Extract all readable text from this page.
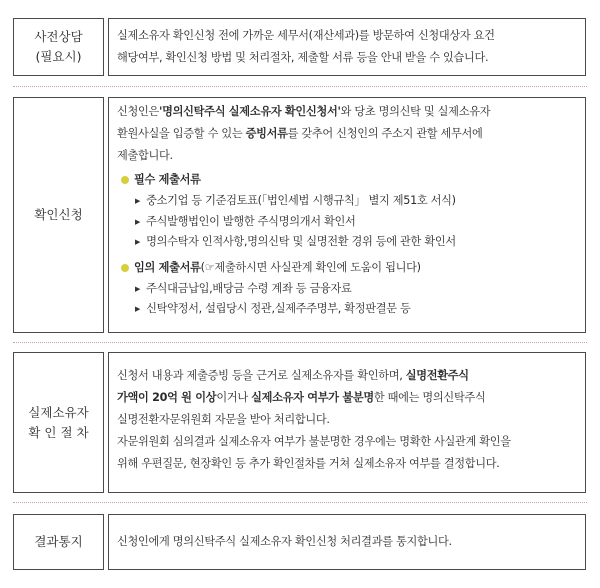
사전상담
(필요시)
실제소유자 확인신청 전에 가까운 세무서(재산세과)를 방문하여 신청대상자 요건
해당여부, 확인신청 방법 및 처리절차, 제출할 서류 등을 안내 받을 수 있습니다.
확인신청
신청인은'명의신탁주식 실제소유자 확인신청서'와 당초 명의신탁 및 실제소유자
환원사실을 입증할 수 있는 증빙서류를 갖추어 신청인의 주소지 관할 세무서에
제출합니다.
필수 제출서류
▶ 중소기업 등 기준검토표(「법인세법 시행규칙」 별지 제51호 서식)
▶ 주식발행법인이 발행한 주식명의개서 확인서
▶ 명의수탁자 인적사항,명의신탁 및 실명전환 경위 등에 관한 확인서
임의 제출서류 (☞제출하시면 사실관계 확인에 도움이 됩니다)
▶ 주식대금납입,배당금 수령 계좌 등 금융자료
▶ 신탁약정서, 설립당시 정관,실제주주명부, 확정판결문 등
실제소유자
확 인 절 차
신청서 내용과 제출증빙 등을 근거로 실제소유자를 확인하며, 실명전환주식
가액이 20억 원 이상이거나 실제소유자 여부가 불분명한 때에는 명의신탁주식
실명전환자문위원회 자문을 받아 처리합니다.
자문위원회 심의결과 실제소유자 여부가 불분명한 경우에는 명확한 사실관계 확인을
위해 우편질문, 현장확인 등 추가 확인절차를 거쳐 실제소유자 여부를 결정합니다.
결과통지	신청인에게 명의신탁주식 실제소유자 확인신청 처리결과를 통지합니다.
